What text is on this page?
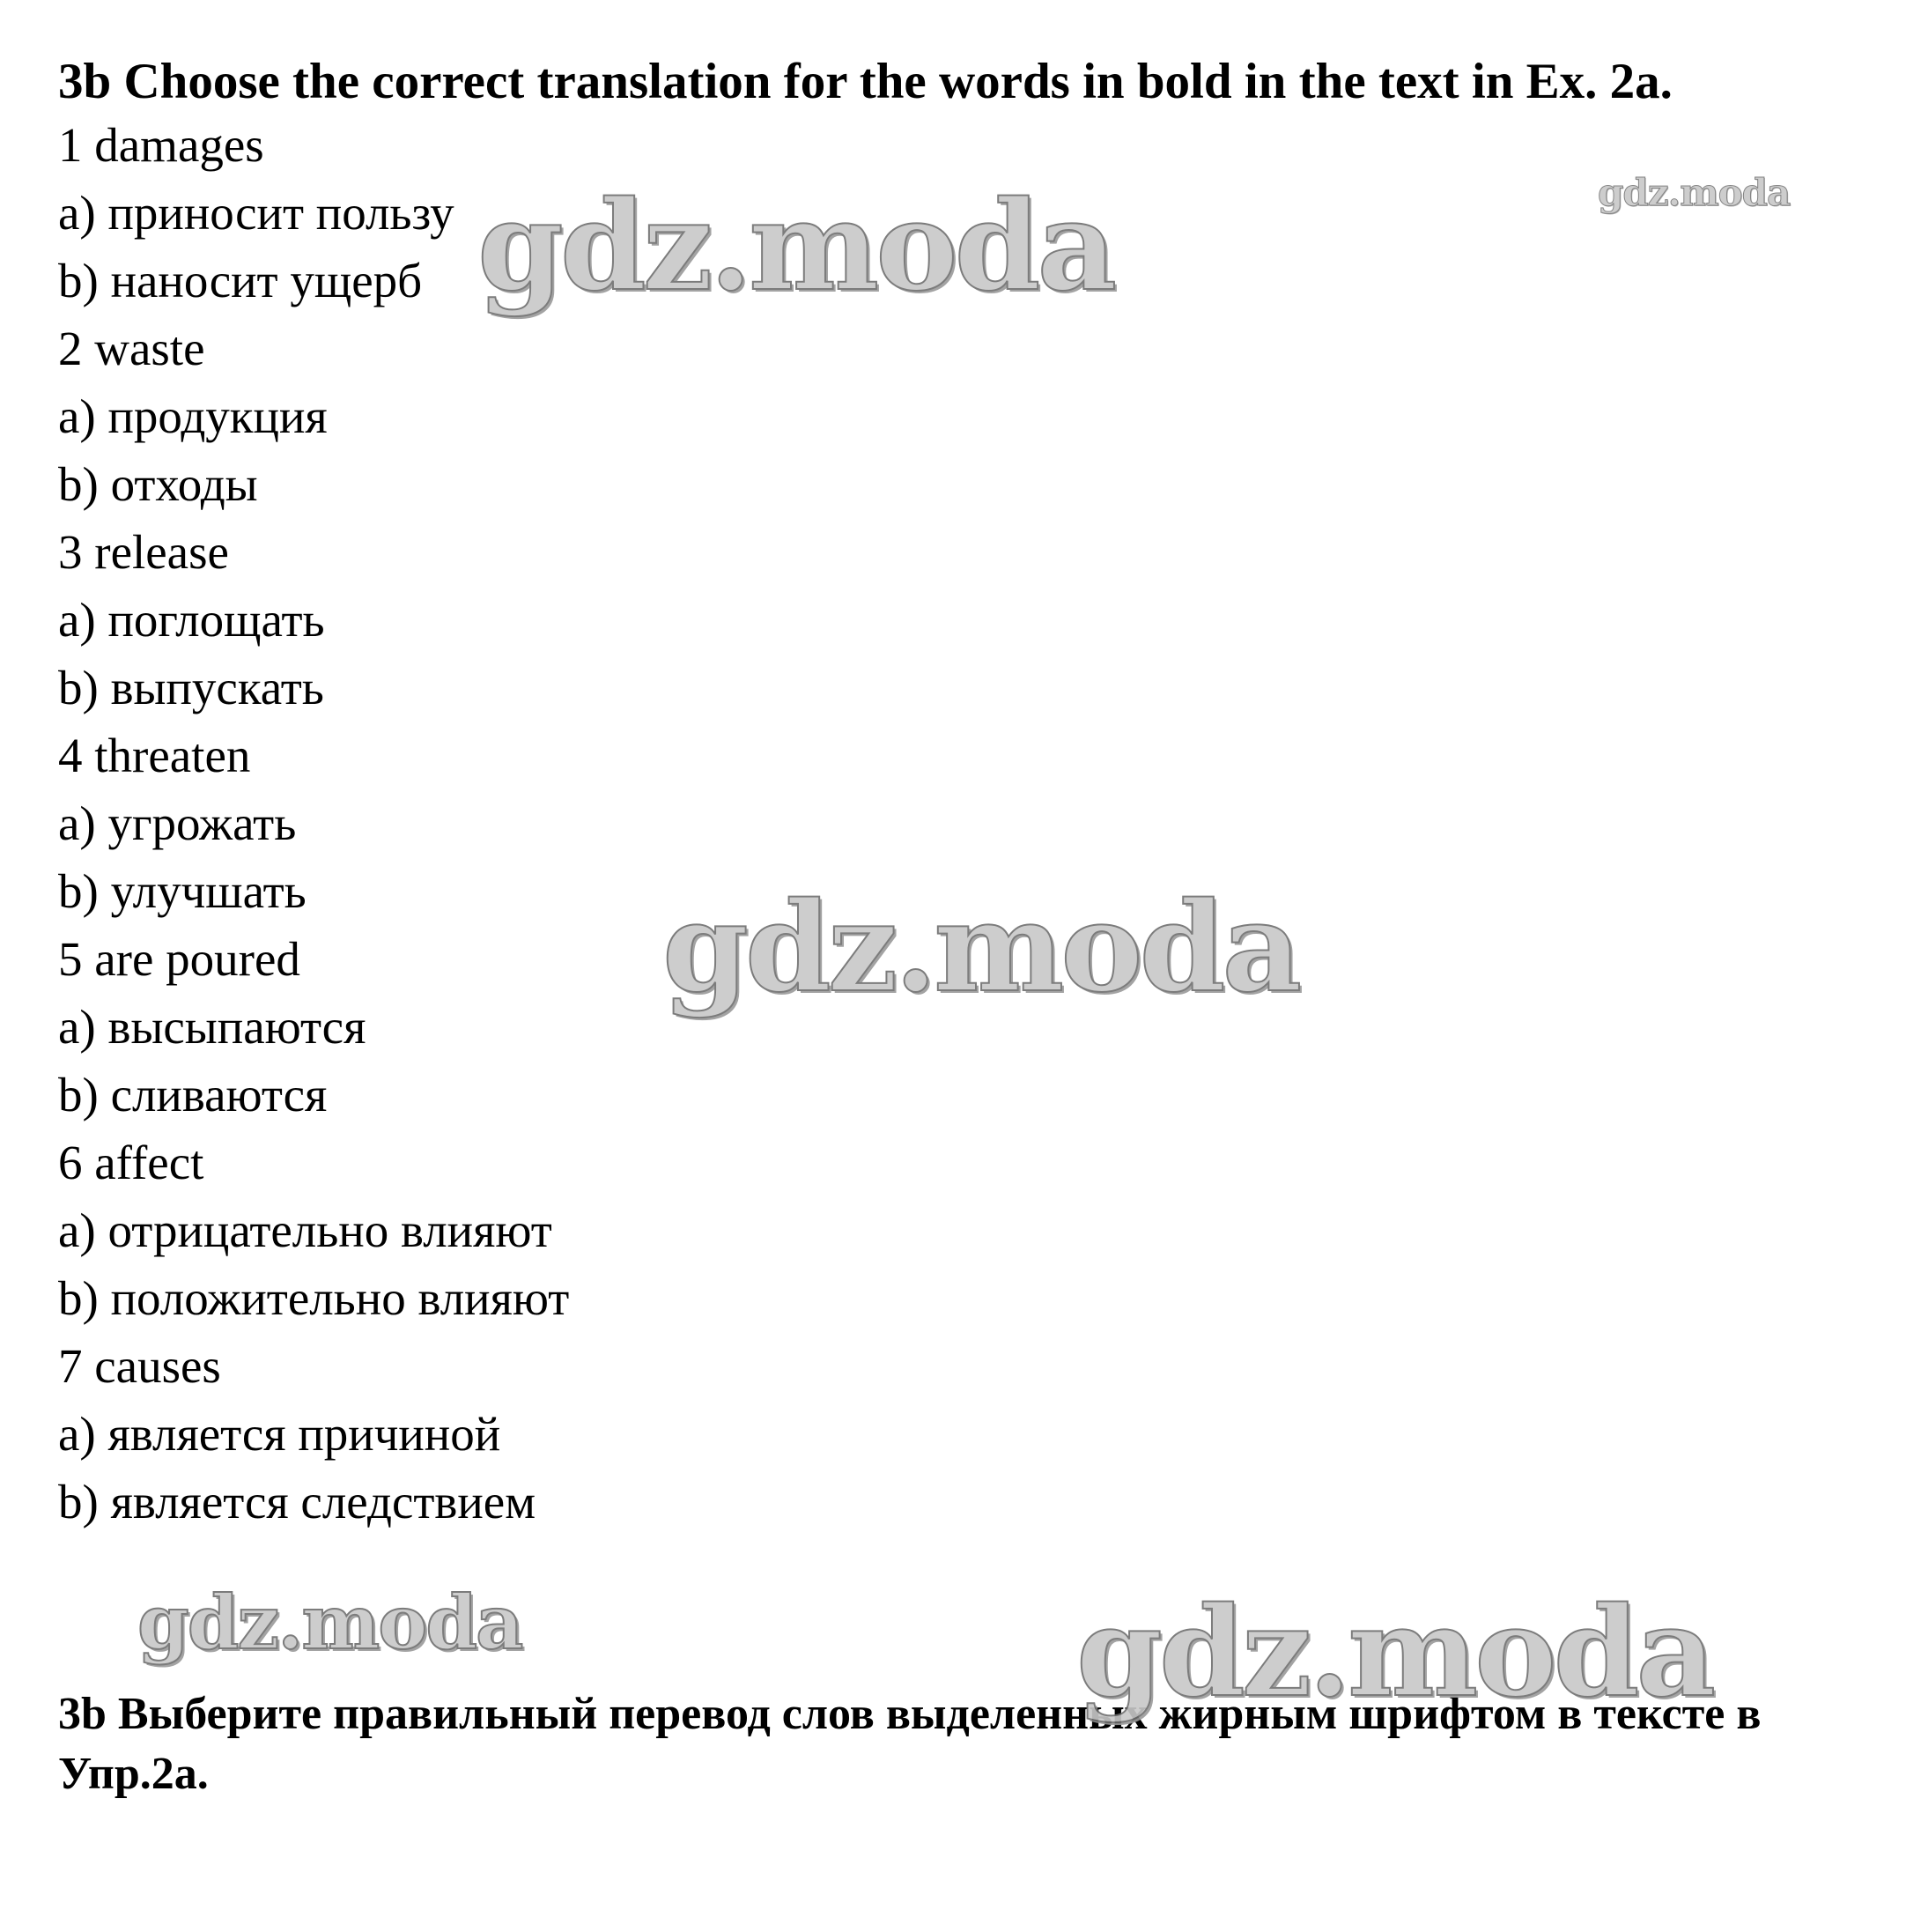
3b Choose the correct translation for the words in bold in the text in Ex. 2a.
1 damages
a) приносит пользу
b) наносит ущерб
2 waste
a) продукция
b) отходы
3 release
a) поглощать
b) выпускать
4 threaten
a) угрожать
b) улучшать
5 are poured
a) высыпаются
b) сливаются
6 affect
a) отрицательно влияют
b) положительно влияют
7 causes
a) является причиной
b) является следствием
3b Выберите правильный перевод слов выделенных жирным шрифтом в тексте в Упр.2а.
gdz.moda	gdz.moda
gdz.moda
gdz.moda	gdz.moda
